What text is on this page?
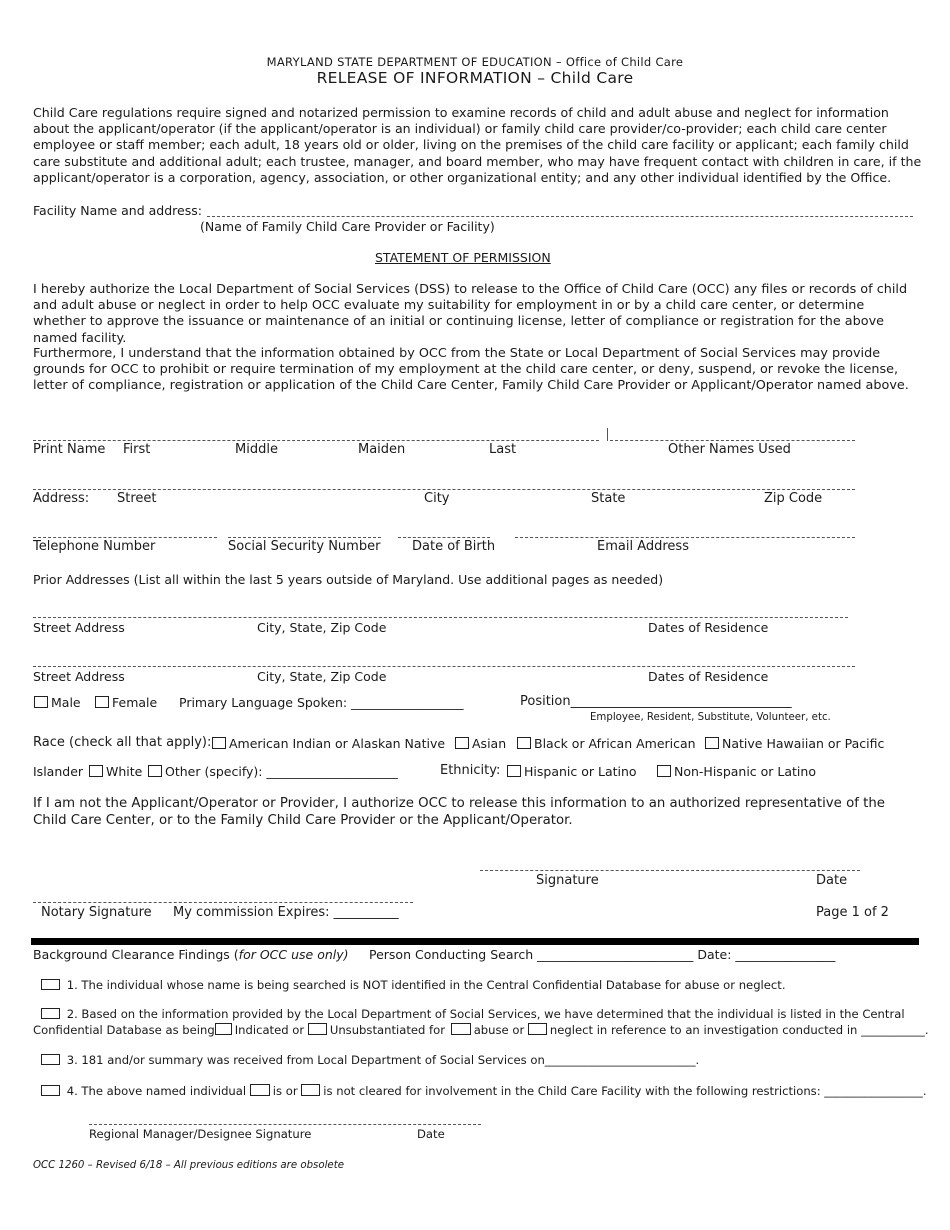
MARYLAND STATE DEPARTMENT OF EDUCATION – Office of Child Care
RELEASE OF INFORMATION – Child Care
Child Care regulations require signed and notarized permission to examine records of child and adult abuse and neglect for information about the applicant/operator (if the applicant/operator is an individual) or family child care provider/co-provider; each child care center employee or staff member; each adult, 18 years old or older, living on the premises of the child care facility or applicant; each family child care substitute and additional adult; each trustee, manager, and board member, who may have frequent contact with children in care, if the applicant/operator is a corporation, agency, association, or other organizational entity; and any other individual identified by the Office.
Facility Name and address:
(Name of Family Child Care Provider or Facility)
STATEMENT OF PERMISSION
I hereby authorize the Local Department of Social Services (DSS) to release to the Office of Child Care (OCC) any files or records of child and adult abuse or neglect in order to help OCC evaluate my suitability for employment in or by a child care center, or determine whether to approve the issuance or maintenance of an initial or continuing license, letter of compliance or registration for the above named facility.
Furthermore, I understand that the information obtained by OCC from the State or Local Department of Social Services may provide grounds for OCC to prohibit or require termination of my employment at the child care center, or deny, suspend, or revoke the license, letter of compliance, registration or application of the Child Care Center, Family Child Care Provider or Applicant/Operator named above.
Print Name First	Middle	Maiden	Last	Other Names Used
Address: Street	City	State	Zip Code
Telephone Number	Social Security Number Date of Birth	Email Address
Prior Addresses (List all within the last 5 years outside of Maryland. Use additional pages as needed)
Street Address	City, State, Zip Code	Dates of Residence
Street Address	City, State, Zip Code	Dates of Residence
Male	Female Primary Language Spoken: __________________	Position__________________________________
Employee, Resident, Substitute, Volunteer, etc.
Race (check all that apply):	American Indian or Alaskan Native	Asian	Black or African American	Native Hawaiian or Pacific
Islander	White	Other (specify): _____________________	Ethnicity:	Hispanic or Latino	Non-Hispanic or Latino
If I am not the Applicant/Operator or Provider, I authorize OCC to release this information to an authorized representative of the Child Care Center, or to the Family Child Care Provider or the Applicant/Operator.
Signature	Date
Notary Signature My commission Expires: __________	Page 1 of 2
Background Clearance Findings (for OCC use only) Person Conducting Search _________________________ Date: ________________
1. The individual whose name is being searched is NOT identified in the Central Confidential Database for abuse or neglect.
2. Based on the information provided by the Local Department of Social Services, we have determined that the individual is listed in the Central
Confidential Database as being Indicated or Unsubstantiated for abuse or neglect in reference to an investigation conducted in ___________.
3. 181 and/or summary was received from Local Department of Social Services on__________________________.
4. The above named individual is or is not cleared for involvement in the Child Care Facility with the following restrictions: _________________.
Regional Manager/Designee Signature	Date
OCC 1260 – Revised 6/18 – All previous editions are obsolete
